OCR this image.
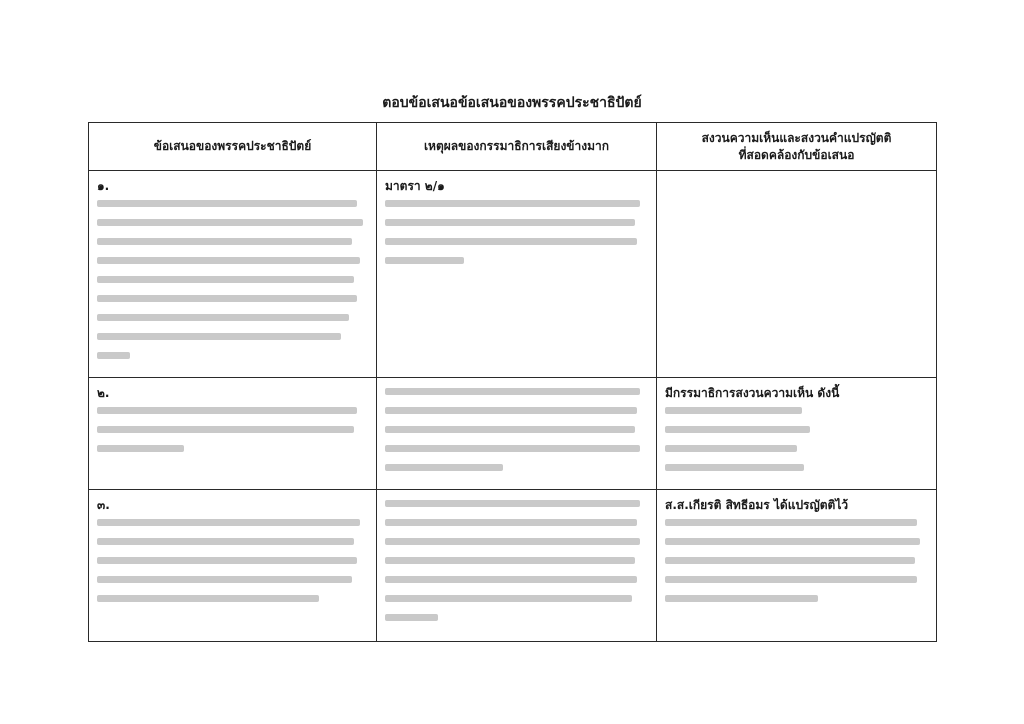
ตอบข้อเสนอข้อเสนอของพรรคประชาธิปัตย์
ข้อเสนอของพรรคประชาธิปัตย์	เหตุผลของกรรมาธิการเสียงข้างมาก	สงวนความเห็นและสงวนคำแปรญัตติ
ที่สอดคล้องกับข้อเสนอ

๑.	มาตรา ๒/๑	

๒.		มีกรรมาธิการสงวนความเห็น ดังนี้

๓.		ส.ส.เกียรติ สิทธีอมร ได้แปรญัตติไว้
